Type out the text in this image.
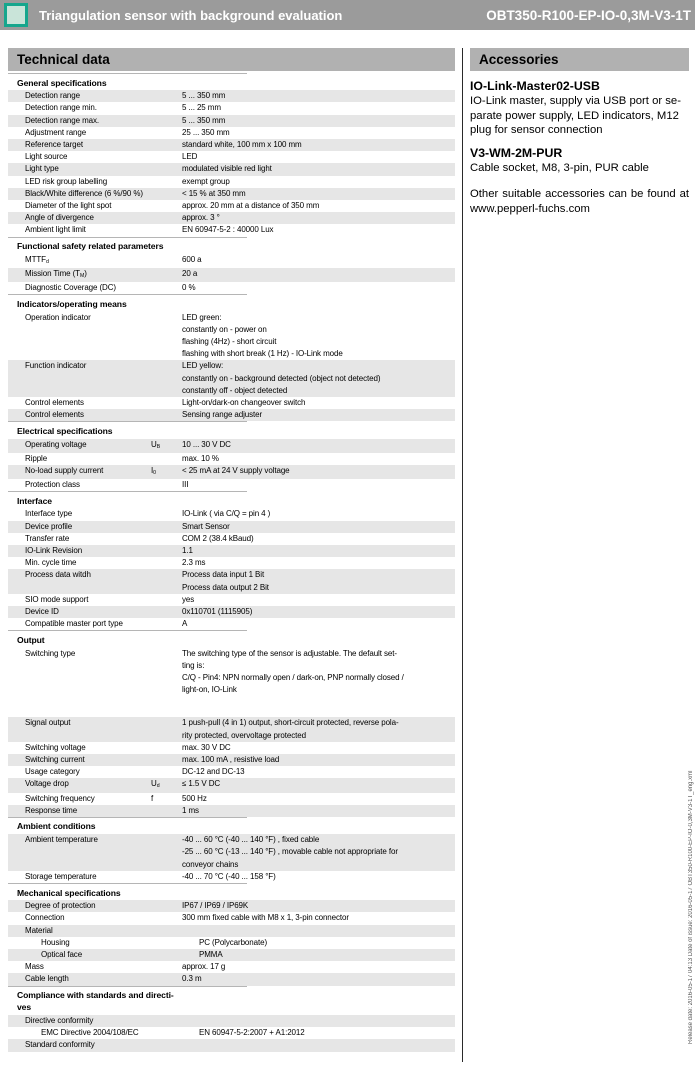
Triangulation sensor with background evaluation	OBT350-R100-EP-IO-0,3M-V3-1T
Technical data
General specifications
Detection range	5 ... 350 mm
Detection range min.	5 ... 25 mm
Detection range max.	5 ... 350 mm
Adjustment range	25 ... 350 mm
Reference target	standard white, 100 mm x 100 mm
Light source	LED
Light type	modulated visible red light
LED risk group labelling	exempt group
Black/White difference (6 %/90 %)	< 15 % at 350 mm
Diameter of the light spot	approx. 20 mm at a distance of 350 mm
Angle of divergence	approx. 3 °
Ambient light limit	EN 60947-5-2 : 40000 Lux
Functional safety related parameters
$MTTF_d$	600 a
Mission Time $(T_M)$	20 a
Diagnostic Coverage (DC)	0 %
Indicators/operating means
Operation indicator	LED green:
constantly on - power on
flashing (4Hz) - short circuit
flashing with short break (1 Hz) - IO-Link mode
Function indicator	LED yellow:
constantly on - background detected (object not detected)
constantly off - object detected
Control elements	Light-on/dark-on changeover switch
Control elements	Sensing range adjuster
Electrical specifications
Operating voltage	$U_B$	10 ... 30 V DC
Ripple	max. 10 %
No-load supply current	$I_0$	< 25 mA at 24 V supply voltage
Protection class	III
Interface
Interface type	IO-Link ( via C/Q = pin 4 )
Device profile	Smart Sensor
Transfer rate	COM 2 (38.4 kBaud)
IO-Link Revision	1.1
Min. cycle time	2.3 ms
Process data witdh	Process data input 1 Bit
Process data output 2 Bit
SIO mode support	yes
Device ID	0x110701 (1115905)
Compatible master port type	A
Output
Switching type	The switching type of the sensor is adjustable. The default set-
ting is:
C/Q - Pin4: NPN normally open / dark-on, PNP normally closed /
light-on, IO-Link
Signal output	1 push-pull (4 in 1) output, short-circuit protected, reverse pola-
rity protected, overvoltage protected
Switching voltage	max. 30 V DC
Switching current	max. 100 mA , resistive load
Usage category	DC-12 and DC-13
Voltage drop	$U_d$	≤ 1.5 V DC
Switching frequency	f	500 Hz
Response time	1 ms
Ambient conditions
Ambient temperature	-40 ... 60 °C (-40 ... 140 °F) , fixed cable
-25 ... 60 °C (-13 ... 140 °F) , movable cable not appropriate for
conveyor chains
Storage temperature	-40 ... 70 °C (-40 ... 158 °F)
Mechanical specifications
Degree of protection	IP67 / IP69 / IP69K
Connection	300 mm fixed cable with M8 x 1, 3-pin connector
Material
Housing	PC (Polycarbonate)
Optical face	PMMA
Mass	approx. 17 g
Cable length	0.3 m
Compliance with standards and directi-
ves
Directive conformity
EMC Directive 2004/108/EC	EN 60947-5-2:2007 + A1:2012
Standard conformity
Accessories
IO-Link-Master02-USB
IO-Link master, supply via USB port or se-
parate power supply, LED indicators, M12
plug for sensor connection
V3-WM-2M-PUR
Cable socket, M8, 3-pin, PUR cable
Other suitable accessories can be found at www.pepperl-fuchs.com
Release date: 2016-05-17 04:13 Date of issue: 2016-05-17 OBT350-R100-EP-IO-0,3M-V3-1T_eng.xml
